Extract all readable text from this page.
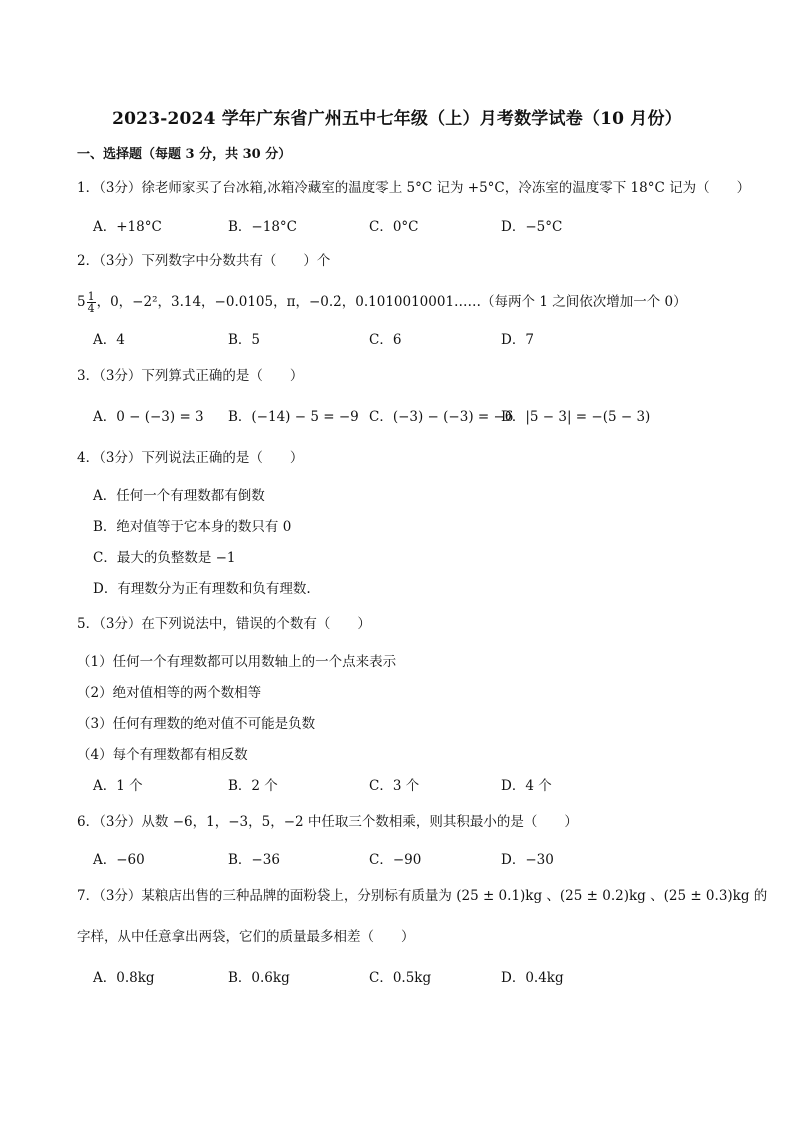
2023-2024 学年广东省广州五中七年级（上）月考数学试卷（10 月份）
一、选择题（每题 3 分，共 30 分）
1．（3分）徐老师家买了台冰箱,冰箱冷藏室的温度零上 5°C 记为 +5°C，冷冻室的温度零下 18°C 记为（　　）
A．+18°C	B．−18°C	C．0°C	D．−5°C
2．（3分）下列数字中分数共有（　　）个
$5 \frac{1}{4}$ ，0，−2²，3.14，−0.0105，π，−0.2̇，0.1010010001……（每两个 1 之间依次增加一个 0）
A．4	B．5	C．6	D．7
3．（3分）下列算式正确的是（　　）
A．0 − (−3) = 3 B．(−14) − 5 = −9 C．(−3) − (−3) = −6
D．|5 − 3| = −(5 − 3)
4．（3分）下列说法正确的是（　　）
A．任何一个有理数都有倒数
B．绝对值等于它本身的数只有 0
C．最大的负整数是 −1
D．有理数分为正有理数和负有理数.
5．（3分）在下列说法中，错误的个数有（　　）
（1）任何一个有理数都可以用数轴上的一个点来表示
（2）绝对值相等的两个数相等
（3）任何有理数的绝对值不可能是负数
（4）每个有理数都有相反数
A．1 个	B．2 个	C．3 个	D．4 个
6．（3分）从数 −6，1，−3，5，−2 中任取三个数相乘，则其积最小的是（　　）
A．−60	B．−36	C．−90	D．−30
7．（3分）某粮店出售的三种品牌的面粉袋上，分别标有质量为 (25 ± 0.1)kg 、(25 ± 0.2)kg 、(25 ± 0.3)kg 的
字样，从中任意拿出两袋，它们的质量最多相差（　　）
A．0.8kg	B．0.6kg	C．0.5kg	D．0.4kg
